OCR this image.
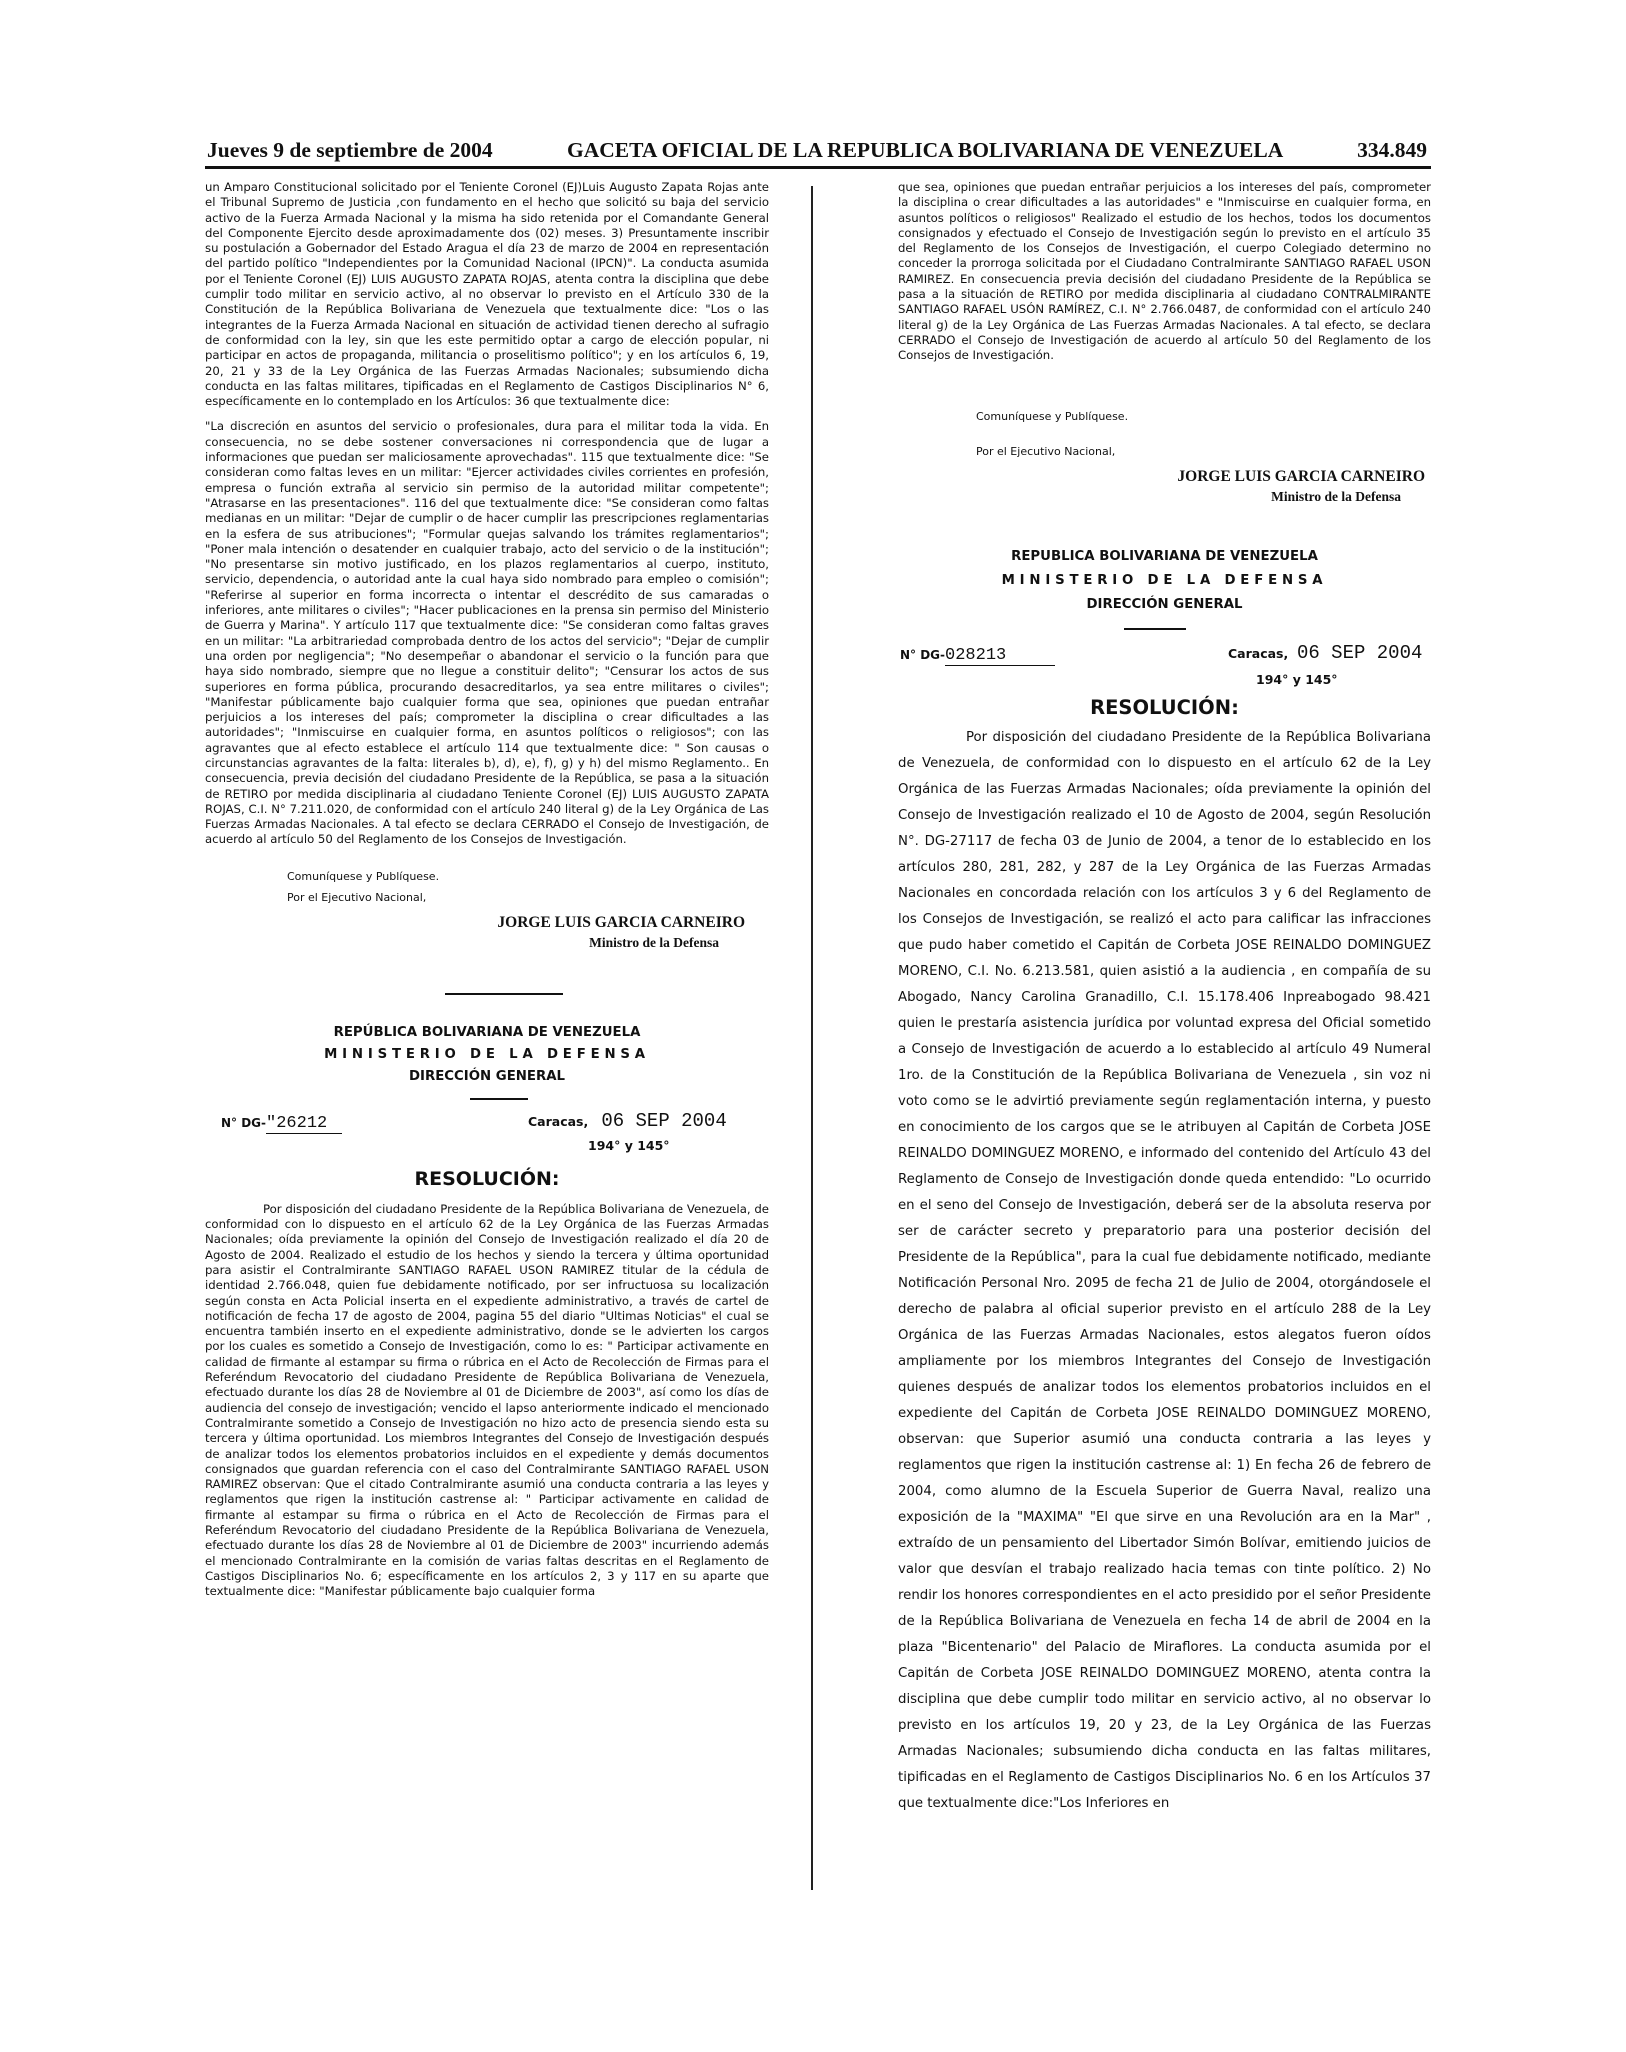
Jueves 9 de septiembre de 2004	GACETA OFICIAL DE LA REPUBLICA BOLIVARIANA DE VENEZUELA	334.849

un Amparo Constitucional solicitado por el Teniente Coronel (EJ)Luis Augusto Zapata Rojas ante el Tribunal Supremo de Justicia ,con fundamento en el hecho que solicitó su baja del servicio activo de la Fuerza Armada Nacional y la misma ha sido retenida por el Comandante General del Componente Ejercito desde aproximadamente dos (02) meses. 3) Presuntamente inscribir su postulación a Gobernador del Estado Aragua el día 23 de marzo de 2004 en representación del partido político "Independientes por la Comunidad Nacional (IPCN)". La conducta asumida por el Teniente Coronel (EJ) LUIS AUGUSTO ZAPATA ROJAS, atenta contra la disciplina que debe cumplir todo militar en servicio activo, al no observar lo previsto en el Artículo 330 de la Constitución de la República Bolivariana de Venezuela que textualmente dice: "Los o las integrantes de la Fuerza Armada Nacional en situación de actividad tienen derecho al sufragio de conformidad con la ley, sin que les este permitido optar a cargo de elección popular, ni participar en actos de propaganda, militancia o proselitismo político"; y en los artículos 6, 19, 20, 21 y 33 de la Ley Orgánica de las Fuerzas Armadas Nacionales; subsumiendo dicha conducta en las faltas militares, tipificadas en el Reglamento de Castigos Disciplinarios N° 6, específicamente en lo contemplado en los Artículos: 36 que textualmente dice:

"La discreción en asuntos del servicio o profesionales, dura para el militar toda la vida. En consecuencia, no se debe sostener conversaciones ni correspondencia que de lugar a informaciones que puedan ser maliciosamente aprovechadas". 115 que textualmente dice: "Se consideran como faltas leves en un militar: "Ejercer actividades civiles corrientes en profesión, empresa o función extraña al servicio sin permiso de la autoridad militar competente"; "Atrasarse en las presentaciones". 116 del que textualmente dice: "Se consideran como faltas medianas en un militar: "Dejar de cumplir o de hacer cumplir las prescripciones reglamentarias en la esfera de sus atribuciones"; "Formular quejas salvando los trámites reglamentarios"; "Poner mala intención o desatender en cualquier trabajo, acto del servicio o de la institución"; "No presentarse sin motivo justificado, en los plazos reglamentarios al cuerpo, instituto, servicio, dependencia, o autoridad ante la cual haya sido nombrado para empleo o comisión"; "Referirse al superior en forma incorrecta o intentar el descrédito de sus camaradas o inferiores, ante militares o civiles"; "Hacer publicaciones en la prensa sin permiso del Ministerio de Guerra y Marina". Y artículo 117 que textualmente dice: "Se consideran como faltas graves en un militar: "La arbitrariedad comprobada dentro de los actos del servicio"; "Dejar de cumplir una orden por negligencia"; "No desempeñar o abandonar el servicio o la función para que haya sido nombrado, siempre que no llegue a constituir delito"; "Censurar los actos de sus superiores en forma pública, procurando desacreditarlos, ya sea entre militares o civiles"; "Manifestar públicamente bajo cualquier forma que sea, opiniones que puedan entrañar perjuicios a los intereses del país; comprometer la disciplina o crear dificultades a las autoridades"; "Inmiscuirse en cualquier forma, en asuntos políticos o religiosos"; con las agravantes que al efecto establece el artículo 114 que textualmente dice: " Son causas o circunstancias agravantes de la falta: literales b), d), e), f), g) y h) del mismo Reglamento.. En consecuencia, previa decisión del ciudadano Presidente de la República, se pasa a la situación de RETIRO por medida disciplinaria al ciudadano Teniente Coronel (EJ) LUIS AUGUSTO ZAPATA ROJAS, C.I. N° 7.211.020, de conformidad con el artículo 240 literal g) de la Ley Orgánica de Las Fuerzas Armadas Nacionales. A tal efecto se declara CERRADO el Consejo de Investigación, de acuerdo al artículo 50 del Reglamento de los Consejos de Investigación.

Comuníquese y Publíquese.

Por el Ejecutivo Nacional,

JORGE LUIS GARCIA CARNEIRO

Ministro de la Defensa

REPÚBLICA BOLIVARIANA DE VENEZUELA

MINISTERIO DE LA DEFENSA

DIRECCIÓN GENERAL

N° DG-"26212	Caracas, 06 SEP 2004
194° y 145°

RESOLUCIÓN:

Por disposición del ciudadano Presidente de la República Bolivariana de Venezuela, de conformidad con lo dispuesto en el artículo 62 de la Ley Orgánica de las Fuerzas Armadas Nacionales; oída previamente la opinión del Consejo de Investigación realizado el día 20 de Agosto de 2004. Realizado el estudio de los hechos y siendo la tercera y última oportunidad para asistir el Contralmirante SANTIAGO RAFAEL USON RAMIREZ titular de la cédula de identidad 2.766.048, quien fue debidamente notificado, por ser infructuosa su localización según consta en Acta Policial inserta en el expediente administrativo, a través de cartel de notificación de fecha 17 de agosto de 2004, pagina 55 del diario "Ultimas Noticias" el cual se encuentra también inserto en el expediente administrativo, donde se le advierten los cargos por los cuales es sometido a Consejo de Investigación, como lo es: " Participar activamente en calidad de firmante al estampar su firma o rúbrica en el Acto de Recolección de Firmas para el Referéndum Revocatorio del ciudadano Presidente de República Bolivariana de Venezuela, efectuado durante los días 28 de Noviembre al 01 de Diciembre de 2003", así como los días de audiencia del consejo de investigación; vencido el lapso anteriormente indicado el mencionado Contralmirante sometido a Consejo de Investigación no hizo acto de presencia siendo esta su tercera y última oportunidad. Los miembros Integrantes del Consejo de Investigación después de analizar todos los elementos probatorios incluidos en el expediente y demás documentos consignados que guardan referencia con el caso del Contralmirante SANTIAGO RAFAEL USON RAMIREZ observan: Que el citado Contralmirante asumió una conducta contraria a las leyes y reglamentos que rigen la institución castrense al: " Participar activamente en calidad de firmante al estampar su firma o rúbrica en el Acto de Recolección de Firmas para el Referéndum Revocatorio del ciudadano Presidente de la República Bolivariana de Venezuela, efectuado durante los días 28 de Noviembre al 01 de Diciembre de 2003" incurriendo además el mencionado Contralmirante en la comisión de varias faltas descritas en el Reglamento de Castigos Disciplinarios No. 6; específicamente en los artículos 2, 3 y 117 en su aparte que textualmente dice: "Manifestar públicamente bajo cualquier forma

que sea, opiniones que puedan entrañar perjuicios a los intereses del país, comprometer la disciplina o crear dificultades a las autoridades" e "Inmiscuirse en cualquier forma, en asuntos políticos o religiosos" Realizado el estudio de los hechos, todos los documentos consignados y efectuado el Consejo de Investigación según lo previsto en el artículo 35 del Reglamento de los Consejos de Investigación, el cuerpo Colegiado determino no conceder la prorroga solicitada por el Ciudadano Contralmirante SANTIAGO RAFAEL USON RAMIREZ. En consecuencia previa decisión del ciudadano Presidente de la República se pasa a la situación de RETIRO por medida disciplinaria al ciudadano CONTRALMIRANTE SANTIAGO RAFAEL USÓN RAMÍREZ, C.I. N° 2.766.0487, de conformidad con el artículo 240 literal g) de la Ley Orgánica de Las Fuerzas Armadas Nacionales. A tal efecto, se declara CERRADO el Consejo de Investigación de acuerdo al artículo 50 del Reglamento de los Consejos de Investigación.

Comuníquese y Publíquese.

Por el Ejecutivo Nacional,

JORGE LUIS GARCIA CARNEIRO

Ministro de la Defensa

REPUBLICA BOLIVARIANA DE VENEZUELA

MINISTERIO DE LA DEFENSA

DIRECCIÓN GENERAL

N° DG-028213	Caracas, 06 SEP 2004
194° y 145°

RESOLUCIÓN:

Por disposición del ciudadano Presidente de la República Bolivariana de Venezuela, de conformidad con lo dispuesto en el artículo 62 de la Ley Orgánica de las Fuerzas Armadas Nacionales; oída previamente la opinión del Consejo de Investigación realizado el 10 de Agosto de 2004, según Resolución N°. DG-27117 de fecha 03 de Junio de 2004, a tenor de lo establecido en los artículos 280, 281, 282, y 287 de la Ley Orgánica de las Fuerzas Armadas Nacionales en concordada relación con los artículos 3 y 6 del Reglamento de los Consejos de Investigación, se realizó el acto para calificar las infracciones que pudo haber cometido el Capitán de Corbeta JOSE REINALDO DOMINGUEZ MORENO, C.I. No. 6.213.581, quien asistió a la audiencia , en compañía de su Abogado, Nancy Carolina Granadillo, C.I. 15.178.406 Inpreabogado 98.421 quien le prestaría asistencia jurídica por voluntad expresa del Oficial sometido a Consejo de Investigación de acuerdo a lo establecido al artículo 49 Numeral 1ro. de la Constitución de la República Bolivariana de Venezuela , sin voz ni voto como se le advirtió previamente según reglamentación interna, y puesto en conocimiento de los cargos que se le atribuyen al Capitán de Corbeta JOSE REINALDO DOMINGUEZ MORENO, e informado del contenido del Artículo 43 del Reglamento de Consejo de Investigación donde queda entendido: "Lo ocurrido en el seno del Consejo de Investigación, deberá ser de la absoluta reserva por ser de carácter secreto y preparatorio para una posterior decisión del Presidente de la República", para la cual fue debidamente notificado, mediante Notificación Personal Nro. 2095 de fecha 21 de Julio de 2004, otorgándosele el derecho de palabra al oficial superior previsto en el artículo 288 de la Ley Orgánica de las Fuerzas Armadas Nacionales, estos alegatos fueron oídos ampliamente por los miembros Integrantes del Consejo de Investigación quienes después de analizar todos los elementos probatorios incluidos en el expediente del Capitán de Corbeta JOSE REINALDO DOMINGUEZ MORENO, observan: que Superior asumió una conducta contraria a las leyes y reglamentos que rigen la institución castrense al: 1) En fecha 26 de febrero de 2004, como alumno de la Escuela Superior de Guerra Naval, realizo una exposición de la "MAXIMA" "El que sirve en una Revolución ara en la Mar" , extraído de un pensamiento del Libertador Simón Bolívar, emitiendo juicios de valor que desvían el trabajo realizado hacia temas con tinte político. 2) No rendir los honores correspondientes en el acto presidido por el señor Presidente de la República Bolivariana de Venezuela en fecha 14 de abril de 2004 en la plaza "Bicentenario" del Palacio de Miraflores. La conducta asumida por el Capitán de Corbeta JOSE REINALDO DOMINGUEZ MORENO, atenta contra la disciplina que debe cumplir todo militar en servicio activo, al no observar lo previsto en los artículos 19, 20 y 23, de la Ley Orgánica de las Fuerzas Armadas Nacionales; subsumiendo dicha conducta en las faltas militares, tipificadas en el Reglamento de Castigos Disciplinarios No. 6 en los Artículos 37 que textualmente dice:"Los Inferiores en
